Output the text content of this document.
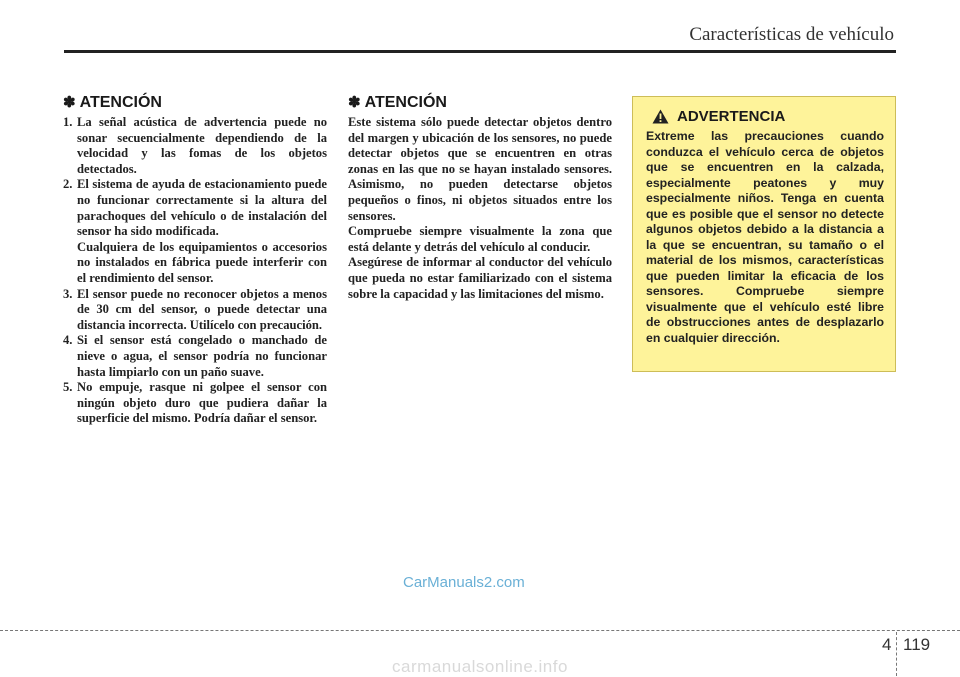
Características de vehículo
✽ ATENCIÓN
1. La señal acústica de advertencia puede no sonar secuencialmente dependiendo de la velocidad y las fomas de los objetos detectados.

2. El sistema de ayuda de estacionamiento puede no funcionar correctamente si la altura del parachoques del vehículo o de instalación del sensor ha sido modificada.

Cualquiera de los equipamientos o accesorios no instalados en fábrica puede interferir con el rendimiento del sensor.

3. El sensor puede no reconocer objetos a menos de 30 cm del sensor, o puede detectar una distancia incorrecta. Utilícelo con precaución.

4. Si el sensor está congelado o manchado de nieve o agua, el sensor podría no funcionar hasta limpiarlo con un paño suave.

5. No empuje, rasque ni golpee el sensor con ningún objeto duro que pudiera dañar la superficie del mismo. Podría dañar el sensor.

✽ ATENCIÓN

Este sistema sólo puede detectar objetos dentro del margen y ubicación de los sensores, no puede detectar objetos que se encuentren en otras zonas en las que no se hayan instalado sensores. Asimismo, no pueden detectarse objetos pequeños o finos, ni objetos situados entre los sensores.

Compruebe siempre visualmente la zona que está delante y detrás del vehículo al conducir.

Asegúrese de informar al conductor del vehículo que pueda no estar familiarizado con el sistema sobre la capacidad y las limitaciones del mismo.

ADVERTENCIA

Extreme las precauciones cuando conduzca el vehículo cerca de objetos que se encuentren en la calzada, especialmente peatones y muy especialmente niños. Tenga en cuenta que es posible que el sensor no detecte algunos objetos debido a la distancia a la que se encuentran, su tamaño o el material de los mismos, características que pueden limitar la eficacia de los sensores. Compruebe siempre visualmente que el vehículo esté libre de obstrucciones antes de desplazarlo en cualquier dirección.

CarManuals2.com
4 119
carmanualsonline.info
